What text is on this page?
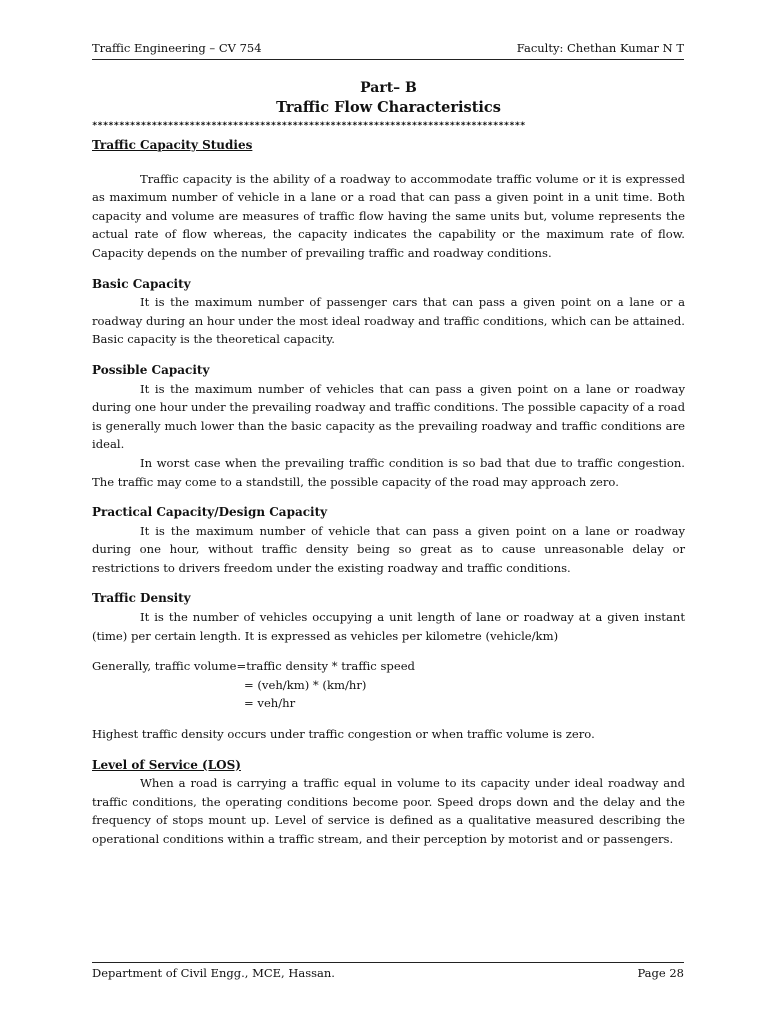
Traffic Engineering – CV 754	Faculty: Chethan Kumar N T
Part– B
Traffic Flow Characteristics
********************************************************************************
Traffic Capacity Studies

Traffic capacity is the ability of a roadway to accommodate traffic volume or it is expressed as maximum number of vehicle in a lane or a road that can pass a given point in a unit time. Both capacity and volume are measures of traffic flow having the same units but, volume represents the actual rate of flow whereas, the capacity indicates the capability or the maximum rate of flow. Capacity depends on the number of prevailing traffic and roadway conditions.

Basic Capacity

It is the maximum number of passenger cars that can pass a given point on a lane or a roadway during an hour under the most ideal roadway and traffic conditions, which can be attained. Basic capacity is the theoretical capacity.

Possible Capacity

It is the maximum number of vehicles that can pass a given point on a lane or roadway during one hour under the prevailing roadway and traffic conditions. The possible capacity of a road is generally much lower than the basic capacity as the prevailing roadway and traffic conditions are ideal.

In worst case when the prevailing traffic condition is so bad that due to traffic congestion. The traffic may come to a standstill, the possible capacity of the road may approach zero.

Practical Capacity/Design Capacity

It is the maximum number of vehicle that can pass a given point on a lane or roadway during one hour, without traffic density being so great as to cause unreasonable delay or restrictions to drivers freedom under the existing roadway and traffic conditions.

Traffic Density

It is the number of vehicles occupying a unit length of lane or roadway at a given instant (time) per certain length. It is expressed as vehicles per kilometre (vehicle/km)

Generally, traffic volume=traffic density * traffic speed
= (veh/km) * (km/hr)
= veh/hr

Highest traffic density occurs under traffic congestion or when traffic volume is zero.

Level of Service (LOS)

When a road is carrying a traffic equal in volume to its capacity under ideal roadway and traffic conditions, the operating conditions become poor. Speed drops down and the delay and the frequency of stops mount up. Level of service is defined as a qualitative measured describing the operational conditions within a traffic stream, and their perception by motorist and or passengers.

Department of Civil Engg., MCE, Hassan.	Page 28
